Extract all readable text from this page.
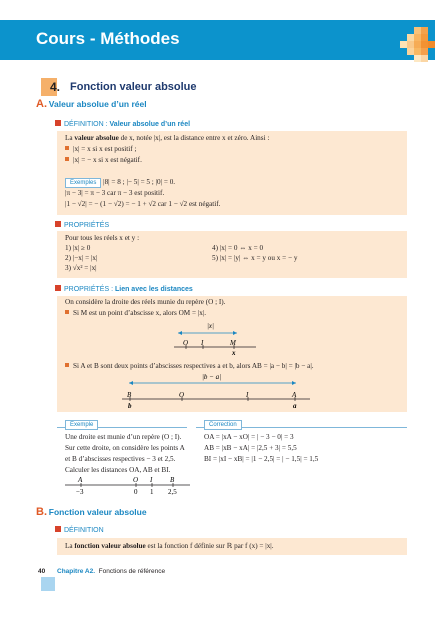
Cours - Méthodes
4. Fonction valeur absolue
A. Valeur absolue d’un réel
DÉFINITION : Valeur absolue d’un réel
La valeur absolue de x, notée |x|, est la distance entre x et zéro. Ainsi :
|x| = x si x est positif ;
|x| = − x si x est négatif.
Exemples |8| = 8 ; |− 5| = 5 ; |0| = 0.
|π − 3| = π − 3 car π − 3 est positif.
|1 − √2| = − (1 − √2) = − 1 + √2 car 1 − √2 est négatif.
PROPRIÉTÉS
Pour tous les réels x et y :
1) |x| ≥ 0
2) |−x| = |x|
3) √x² = |x|
4) |x| = 0 ⇔ x = 0
5) |x| = |y| ⇔ x = y ou x = − y
PROPRIÉTÉS : Lien avec les distances
On considère la droite des réels munie du repère (O ; I).
Si M est un point d’abscisse x, alors OM = |x|.
|x|
O I	M
x
Si A et B sont deux points d’abscisses respectives a et b, alors AB = |a − b| = |b − a|.
|b − a|
B	O	I	A
b	a
Exemple
Une droite est munie d’un repère (O ; I).
Sur cette droite, on considère les points A
et B d’abscisses respectives − 3 et 2,5.
Calculer les distances OA, AB et BI.
A	O I	B
−3	0 1 2,5
Correction
OA = |xA − xO| = | − 3 − 0| = 3
AB = |xB − xA| = |2,5 + 3| = 5,5
BI = |xI − xB| = |1 − 2,5| = | − 1,5| = 1,5
B. Fonction valeur absolue
DÉFINITION
La fonction valeur absolue est la fonction f définie sur ℝ par f (x) = |x|.
40 Chapitre A2. Fonctions de référence
